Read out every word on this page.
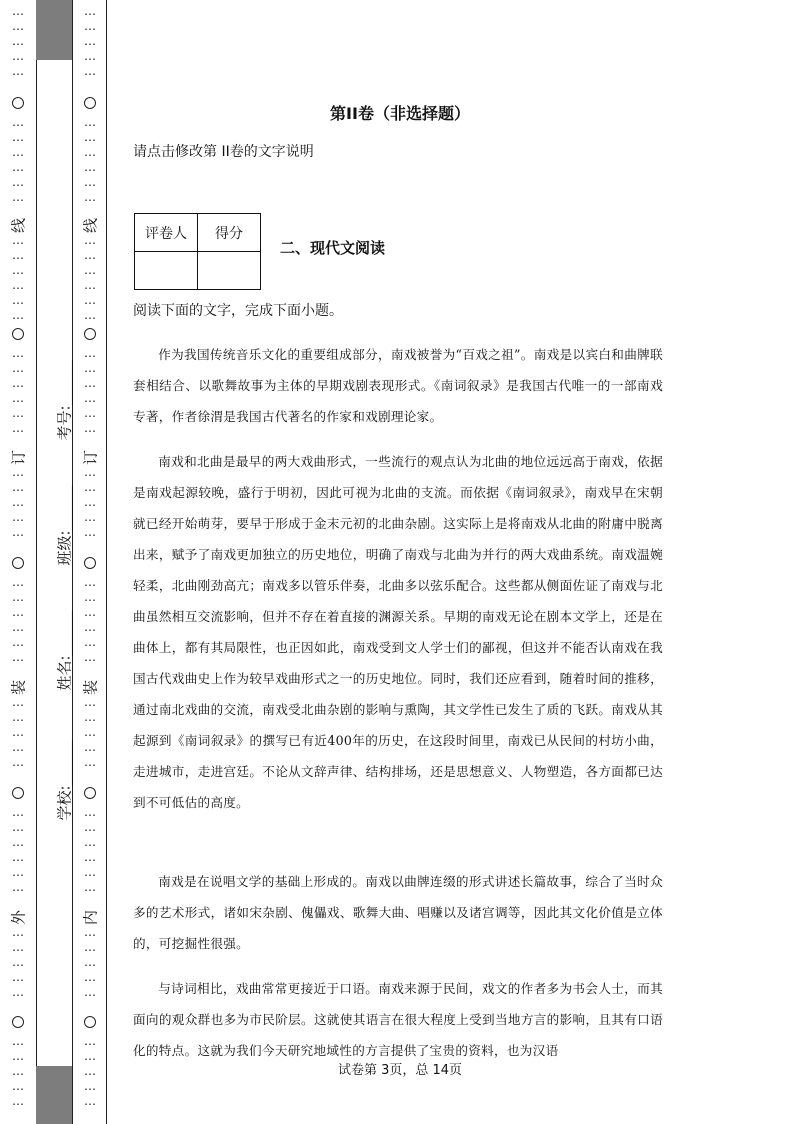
…
…
…
…
…
…
…
…
…
…
…
…
…
…
…
…
…
…
…
…
…
…
…
…
…
…
…
…
…
…
…
…
…
…
…
…
…
…
…
…
…
…
…
…
…
…
…
…
…
…
…
…
…
…
…
线
订
装
外
…
…
…
…
…
…
…
…
…
…
…
…
…
…
…
…
…
…
…
…
…
…
…
…
…
…
…
…
…
…
…
…
…
…
…
…
…
…
…
…
…
…
…
…
…
…
…
…
…
…
…
…
…
…
…
线
订
装
内
学校:______
姓名:______
班级:______
考号:______
第II卷（非选择题）
请点击修改第 II卷的文字说明
评卷人	得分

二、现代文阅读
阅读下面的文字，完成下面小题。
作为我国传统音乐文化的重要组成部分，南戏被誉为“百戏之祖”。南戏是以宾白和曲牌联套相结合、以歌舞故事为主体的早期戏剧表现形式。《南词叙录》是我国古代唯一的一部南戏专著，作者徐渭是我国古代著名的作家和戏剧理论家。
南戏和北曲是最早的两大戏曲形式，一些流行的观点认为北曲的地位远远高于南戏，依据是南戏起源较晚，盛行于明初，因此可视为北曲的支流。而依据《南词叙录》，南戏早在宋朝就已经开始萌芽，要早于形成于金末元初的北曲杂剧。这实际上是将南戏从北曲的附庸中脱离出来，赋予了南戏更加独立的历史地位，明确了南戏与北曲为并行的两大戏曲系统。南戏温婉轻柔，北曲刚劲高亢；南戏多以管乐伴奏，北曲多以弦乐配合。这些都从侧面佐证了南戏与北曲虽然相互交流影响，但并不存在着直接的渊源关系。早期的南戏无论在剧本文学上，还是在曲体上，都有其局限性，也正因如此，南戏受到文人学士们的鄙视，但这并不能否认南戏在我国古代戏曲史上作为较早戏曲形式之一的历史地位。同时，我们还应看到，随着时间的推移，通过南北戏曲的交流，南戏受北曲杂剧的影响与熏陶，其文学性已发生了质的飞跃。南戏从其起源到《南词叙录》的撰写已有近400年的历史，在这段时间里，南戏已从民间的村坊小曲，走进城市，走进宫廷。不论从文辞声律、结构排场，还是思想意义、人物塑造，各方面都已达到不可低估的高度。
南戏是在说唱文学的基础上形成的。南戏以曲牌连缀的形式讲述长篇故事，综合了当时众多的艺术形式，诸如宋杂剧、傀儡戏、歌舞大曲、唱赚以及诸宫调等，因此其文化价值是立体的，可挖掘性很强。
与诗词相比，戏曲常常更接近于口语。南戏来源于民间，戏文的作者多为书会人士，而其面向的观众群也多为市民阶层。这就使其语言在很大程度上受到当地方言的影响，且其有口语化的特点。这就为我们今天研究地域性的方言提供了宝贵的资料，也为汉语
试卷第 3页，总 14页
